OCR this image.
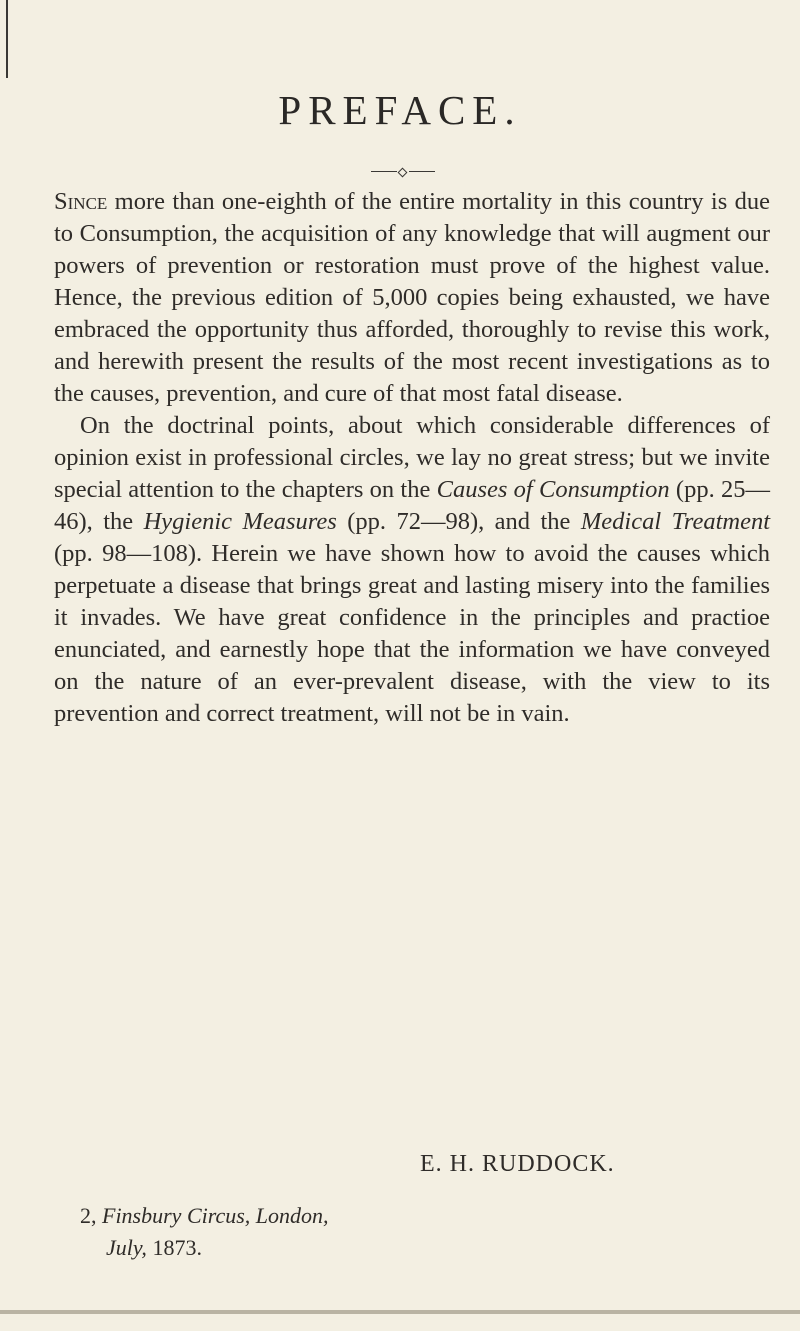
PREFACE.

Since more than one-eighth of the entire mortality in this country is due to Consumption, the acquisition of any knowledge that will augment our powers of prevention or restoration must prove of the highest value. Hence, the previous edition of 5,000 copies being exhausted, we have embraced the opportunity thus afforded, thoroughly to revise this work, and herewith present the results of the most recent investigations as to the causes, prevention, and cure of that most fatal disease.

On the doctrinal points, about which considerable differences of opinion exist in professional circles, we lay no great stress; but we invite special attention to the chapters on the Causes of Consumption (pp. 25—46), the Hygienic Measures (pp. 72—98), and the Medical Treatment (pp. 98—108). Herein we have shown how to avoid the causes which perpetuate a disease that brings great and lasting misery into the families it invades. We have great confidence in the principles and practioe enunciated, and earnestly hope that the information we have conveyed on the nature of an ever-prevalent disease, with the view to its prevention and correct treatment, will not be in vain.

E. H. RUDDOCK.
2, Finsbury Circus, London,
July, 1873.
